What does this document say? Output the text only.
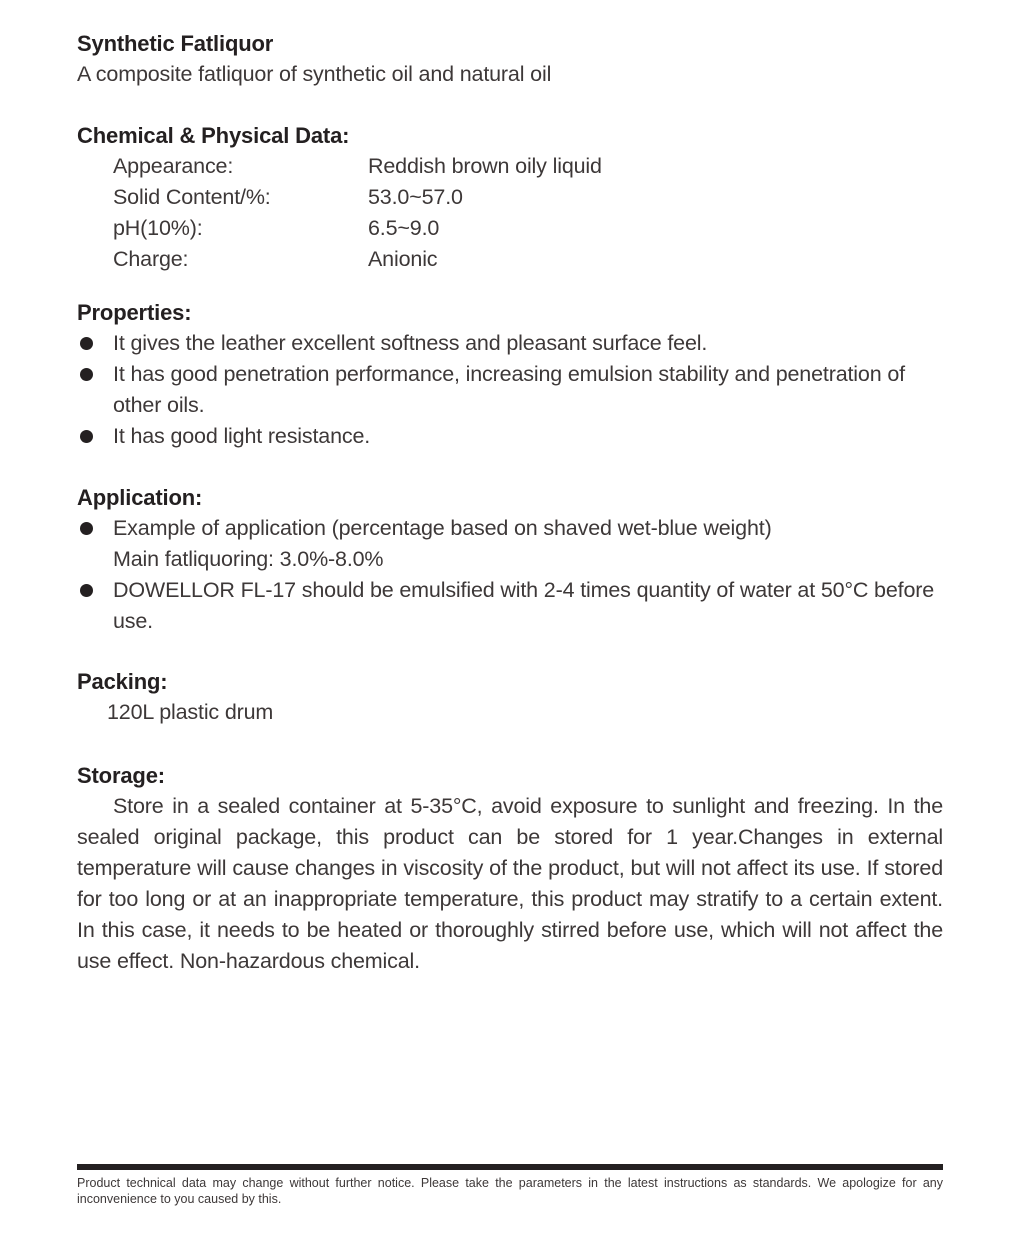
Synthetic Fatliquor

A composite fatliquor of synthetic oil and natural oil

Chemical & Physical Data:
Appearance:	Reddish brown oily liquid
Solid Content/%:	53.0~57.0
pH(10%):	6.5~9.0
Charge:	Anionic
Properties:
It gives the leather excellent softness and pleasant surface feel.
It has good penetration performance, increasing emulsion stability and penetration of other oils.
It has good light resistance.
Application:
Example of application (percentage based on shaved wet-blue weight)
Main fatliquoring: 3.0%-8.0%
DOWELLOR FL-17 should be emulsified with 2-4 times quantity of water at 50°C before use.
Packing:

120L plastic drum

Storage:

Store in a sealed container at 5-35°C, avoid exposure to sunlight and freezing. In the sealed original package, this product can be stored for 1 year.Changes in external temperature will cause changes in viscosity of the product, but will not affect its use. If stored for too long or at an inappropriate temperature, this product may stratify to a certain extent. In this case, it needs to be heated or thoroughly stirred before use, which will not affect the use effect. Non-hazardous chemical.

Product technical data may change without further notice. Please take the parameters in the latest instructions as standards. We apologize for any inconvenience to you caused by this.
